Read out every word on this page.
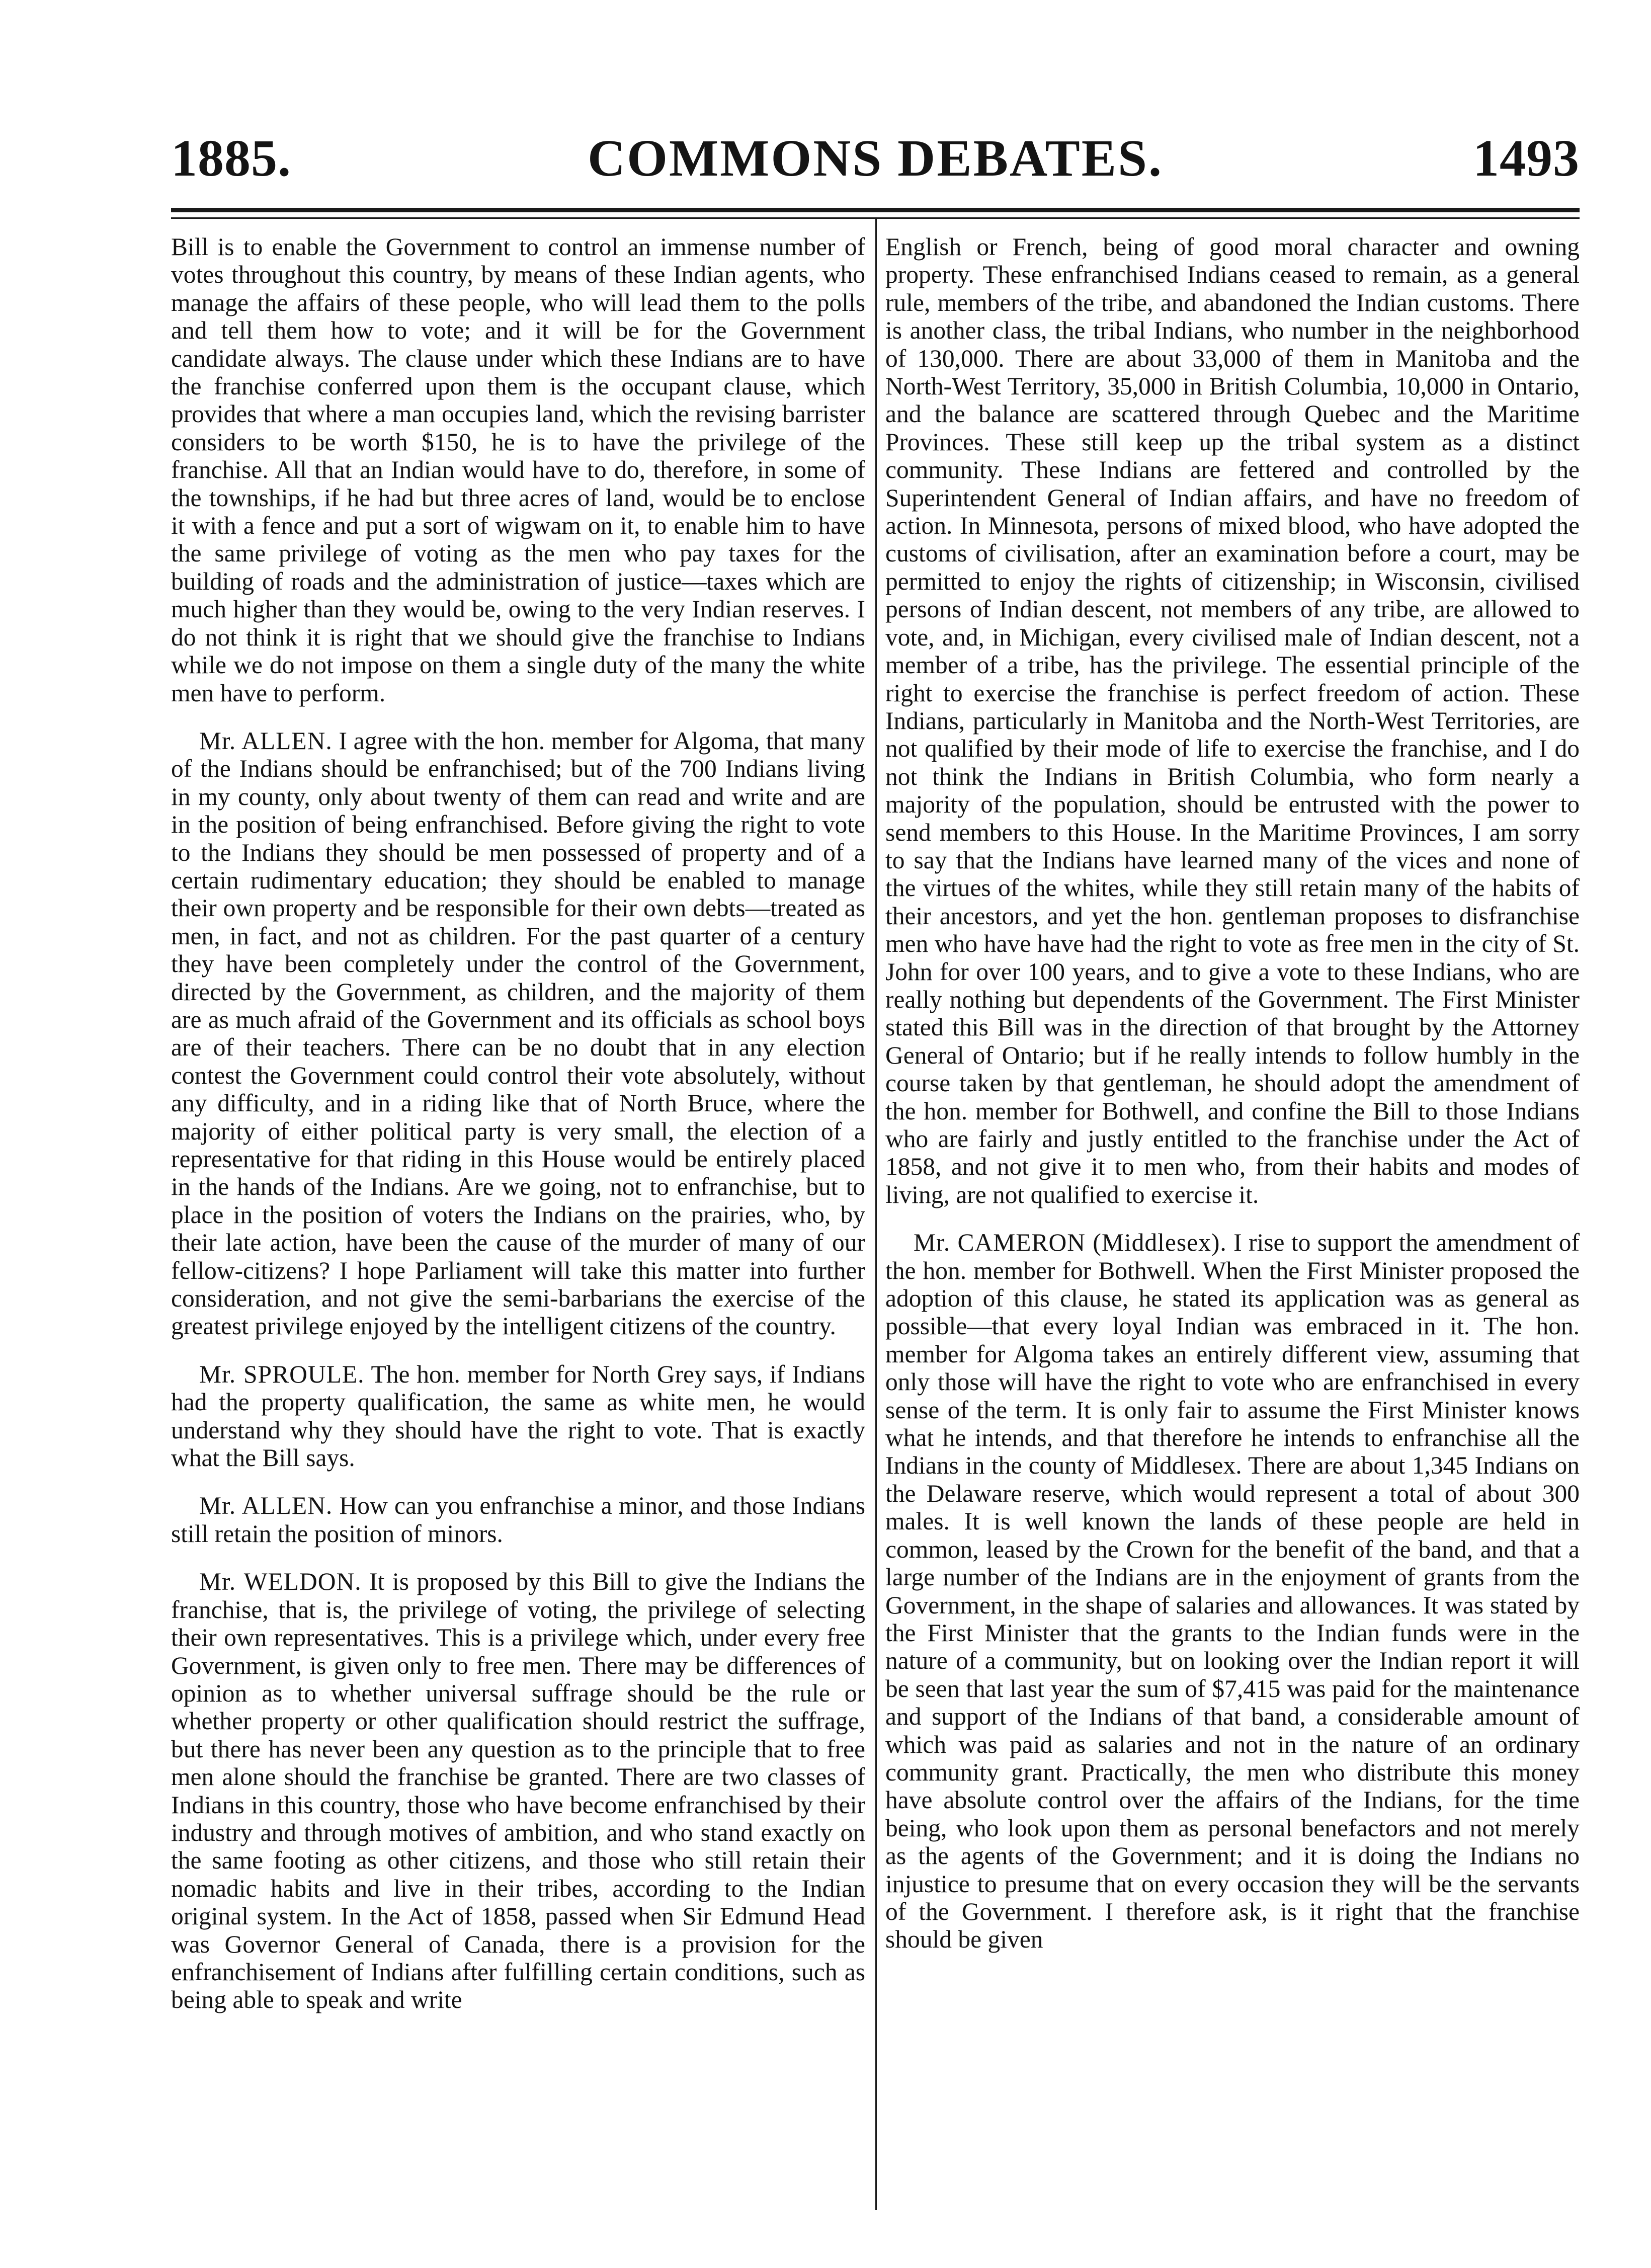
COMMONS DEBATES.
1885.	1493

Bill is to enable the Government to control an immense number of votes throughout this country, by means of these Indian agents, who manage the affairs of these people, who will lead them to the polls and tell them how to vote; and it will be for the Government candidate always. The clause under which these Indians are to have the franchise conferred upon them is the occupant clause, which provides that where a man occupies land, which the revising barrister considers to be worth $150, he is to have the privilege of the franchise. All that an Indian would have to do, therefore, in some of the townships, if he had but three acres of land, would be to enclose it with a fence and put a sort of wigwam on it, to enable him to have the same privilege of voting as the men who pay taxes for the building of roads and the administration of justice—taxes which are much higher than they would be, owing to the very Indian reserves. I do not think it is right that we should give the franchise to Indians while we do not impose on them a single duty of the many the white men have to perform.

Mr. ALLEN. I agree with the hon. member for Algoma, that many of the Indians should be enfranchised; but of the 700 Indians living in my county, only about twenty of them can read and write and are in the position of being enfranchised. Before giving the right to vote to the Indians they should be men possessed of property and of a certain rudimentary education; they should be enabled to manage their own property and be responsible for their own debts—treated as men, in fact, and not as children. For the past quarter of a century they have been completely under the control of the Government, directed by the Government, as children, and the majority of them are as much afraid of the Government and its officials as school boys are of their teachers. There can be no doubt that in any election contest the Government could control their vote absolutely, without any difficulty, and in a riding like that of North Bruce, where the majority of either political party is very small, the election of a representative for that riding in this House would be entirely placed in the hands of the Indians. Are we going, not to enfranchise, but to place in the position of voters the Indians on the prairies, who, by their late action, have been the cause of the murder of many of our fellow-citizens? I hope Parliament will take this matter into further consideration, and not give the semi-barbarians the exercise of the greatest privilege enjoyed by the intelligent citizens of the country.

Mr. SPROULE. The hon. member for North Grey says, if Indians had the property qualification, the same as white men, he would understand why they should have the right to vote. That is exactly what the Bill says.

Mr. ALLEN. How can you enfranchise a minor, and those Indians still retain the position of minors.

Mr. WELDON. It is proposed by this Bill to give the Indians the franchise, that is, the privilege of voting, the privilege of selecting their own representatives. This is a privilege which, under every free Government, is given only to free men. There may be differences of opinion as to whether universal suffrage should be the rule or whether property or other qualification should restrict the suffrage, but there has never been any question as to the principle that to free men alone should the franchise be granted. There are two classes of Indians in this country, those who have become enfranchised by their industry and through motives of ambition, and who stand exactly on the same footing as other citizens, and those who still retain their nomadic habits and live in their tribes, according to the Indian original system. In the Act of 1858, passed when Sir Edmund Head was Governor General of Canada, there is a provision for the enfranchisement of Indians after fulfilling certain conditions, such as being able to speak and write

English or French, being of good moral character and owning property. These enfranchised Indians ceased to remain, as a general rule, members of the tribe, and abandoned the Indian customs. There is another class, the tribal Indians, who number in the neighborhood of 130,000. There are about 33,000 of them in Manitoba and the North-West Territory, 35,000 in British Columbia, 10,000 in Ontario, and the balance are scattered through Quebec and the Maritime Provinces. These still keep up the tribal system as a distinct community. These Indians are fettered and controlled by the Superintendent General of Indian affairs, and have no freedom of action. In Minnesota, persons of mixed blood, who have adopted the customs of civilisation, after an examination before a court, may be permitted to enjoy the rights of citizenship; in Wisconsin, civilised persons of Indian descent, not members of any tribe, are allowed to vote, and, in Michigan, every civilised male of Indian descent, not a member of a tribe, has the privilege. The essential principle of the right to exercise the franchise is perfect freedom of action. These Indians, particularly in Manitoba and the North-West Territories, are not qualified by their mode of life to exercise the franchise, and I do not think the Indians in British Columbia, who form nearly a majority of the population, should be entrusted with the power to send members to this House. In the Maritime Provinces, I am sorry to say that the Indians have learned many of the vices and none of the virtues of the whites, while they still retain many of the habits of their ancestors, and yet the hon. gentleman proposes to disfranchise men who have have had the right to vote as free men in the city of St. John for over 100 years, and to give a vote to these Indians, who are really nothing but dependents of the Government. The First Minister stated this Bill was in the direction of that brought by the Attorney General of Ontario; but if he really intends to follow humbly in the course taken by that gentleman, he should adopt the amendment of the hon. member for Bothwell, and confine the Bill to those Indians who are fairly and justly entitled to the franchise under the Act of 1858, and not give it to men who, from their habits and modes of living, are not qualified to exercise it.

Mr. CAMERON (Middlesex). I rise to support the amendment of the hon. member for Bothwell. When the First Minister proposed the adoption of this clause, he stated its application was as general as possible—that every loyal Indian was embraced in it. The hon. member for Algoma takes an entirely different view, assuming that only those will have the right to vote who are enfranchised in every sense of the term. It is only fair to assume the First Minister knows what he intends, and that therefore he intends to enfranchise all the Indians in the county of Middlesex. There are about 1,345 Indians on the Delaware reserve, which would represent a total of about 300 males. It is well known the lands of these people are held in common, leased by the Crown for the benefit of the band, and that a large number of the Indians are in the enjoyment of grants from the Government, in the shape of salaries and allowances. It was stated by the First Minister that the grants to the Indian funds were in the nature of a community, but on looking over the Indian report it will be seen that last year the sum of $7,415 was paid for the maintenance and support of the Indians of that band, a considerable amount of which was paid as salaries and not in the nature of an ordinary community grant. Practically, the men who distribute this money have absolute control over the affairs of the Indians, for the time being, who look upon them as personal benefactors and not merely as the agents of the Government; and it is doing the Indians no injustice to presume that on every occasion they will be the servants of the Government. I therefore ask, is it right that the franchise should be given
